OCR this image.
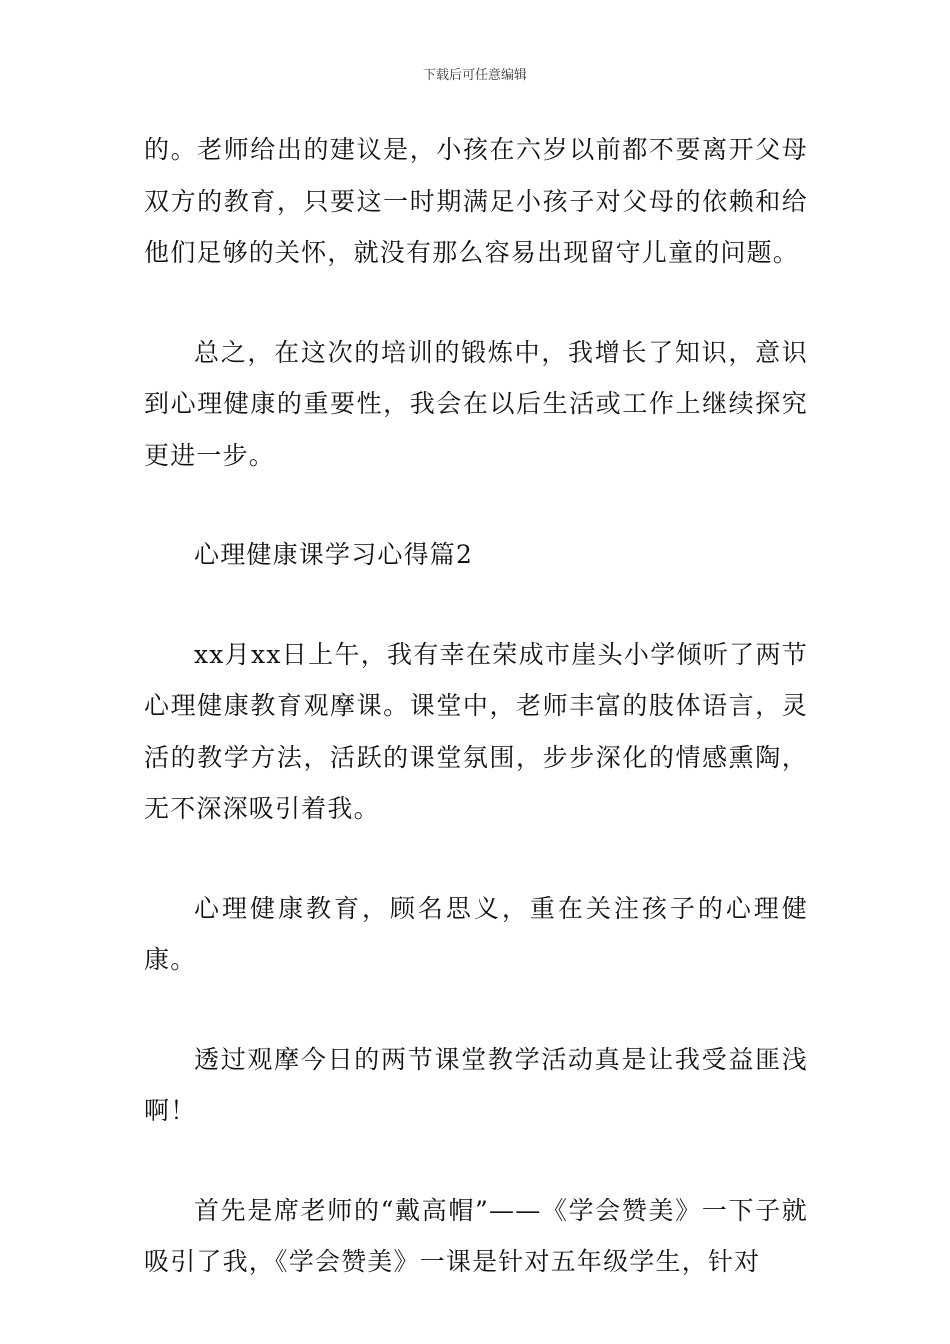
下载后可任意编辑

的。老师给出的建议是，小孩在六岁以前都不要离开父母双方的教育，只要这一时期满足小孩子对父母的依赖和给他们足够的关怀，就没有那么容易出现留守儿童的问题。

总之，在这次的培训的锻炼中，我增长了知识，意识到心理健康的重要性，我会在以后生活或工作上继续探究更进一步。

心理健康课学习心得篇2

xx月xx日上午，我有幸在荣成市崖头小学倾听了两节心理健康教育观摩课。课堂中，老师丰富的肢体语言，灵活的教学方法，活跃的课堂氛围，步步深化的情感熏陶，无不深深吸引着我。

心理健康教育，顾名思义，重在关注孩子的心理健康。

透过观摩今日的两节课堂教学活动真是让我受益匪浅啊！

首先是席老师的“戴高帽”——《学会赞美》一下子就吸引了我，《学会赞美》一课是针对五年级学生，针对
